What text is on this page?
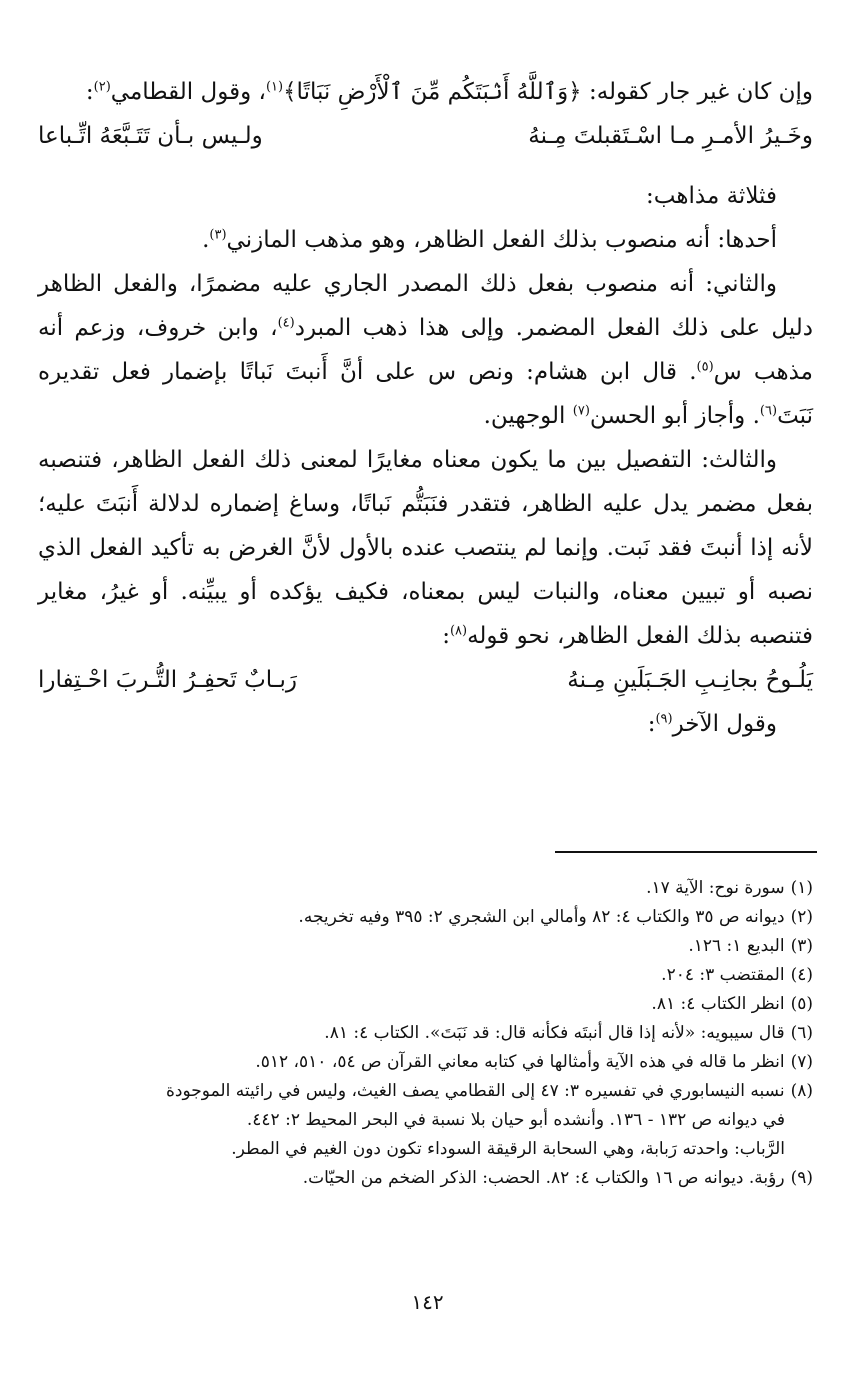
وإن كان غير جار كقوله: ﴿وَٱللَّهُ أَنۢبَتَكُم مِّنَ ٱلْأَرْضِ نَبَاتًا﴾$^{(١)}$، وقول القطامي$^{(٢)}$:

وخَـيرُ الأمـرِ مـا اسْـتَقبلتَ مِـنهُ
ولـيس بـأن تَتَـبَّعَهُ اتِّـباعا

فثلاثة مذاهب:

أحدها: أنه منصوب بذلك الفعل الظاهر، وهو مذهب المازني$^{(٣)}$.

والثاني: أنه منصوب بفعل ذلك المصدر الجاري عليه مضمرًا، والفعل الظاهر دليل على ذلك الفعل المضمر. وإلى هذا ذهب المبرد$^{(٤)}$، وابن خروف، وزعم أنه مذهب س$^{(٥)}$. قال ابن هشام: ونص س على أنَّ أَنبتَ نَباتًا بإضمار فعل تقديره نَبَتَ$^{(٦)}$. وأجاز أبو الحسن$^{(٧)}$ الوجهين.

والثالث: التفصيل بين ما يكون معناه مغايرًا لمعنى ذلك الفعل الظاهر، فتنصبه بفعل مضمر يدل عليه الظاهر، فتقدر فنَبَتُّم نَباتًا، وساغ إضماره لدلالة أَنبَتَ عليه؛ لأنه إذا أنبتَ فقد نَبت. وإنما لم ينتصب عنده بالأول لأنَّ الغرض به تأكيد الفعل الذي نصبه أو تبيين معناه، والنبات ليس بمعناه، فكيف يؤكده أو يبيِّنه. أو غيرُ، مغاير فتنصبه بذلك الفعل الظاهر، نحو قوله$^{(٨)}$:

يَلُـوحُ بجانِـبِ الجَـبَلَينِ مِـنهُ
رَبـابٌ تَحفِـرُ التُّـربَ احْـتِفارا

وقول الآخر$^{(٩)}$:

(١)سورة نوح: الآية ١٧.

(٢)ديوانه ص ٣٥ والكتاب ٤: ٨٢ وأمالي ابن الشجري ٢: ٣٩٥ وفيه تخريجه.

(٣)البديع ١: ١٢٦.

(٤)المقتضب ٣: ٢٠٤.

(٥)انظر الكتاب ٤: ٨١.

(٦)قال سيبويه: «لأنه إذا قال أنبتَه فكأنه قال: قد نَبَتَ». الكتاب ٤: ٨١.

(٧)انظر ما قاله في هذه الآية وأمثالها في كتابه معاني القرآن ص ٥٤، ٥١٠، ٥١٢.

(٨)نسبه النيسابوري في تفسيره ٣: ٤٧ إلى القطامي يصف الغيث، وليس في رائيته الموجودة

في ديوانه ص ١٣٢ - ١٣٦. وأنشده أبو حيان بلا نسبة في البحر المحيط ٢: ٤٤٢.

الرَّباب: واحدته رَبابة، وهي السحابة الرقيقة السوداء تكون دون الغيم في المطر.

(٩)رؤبة. ديوانه ص ١٦ والكتاب ٤: ٨٢. الحضب: الذكر الضخم من الحيّات.

١٤٢
